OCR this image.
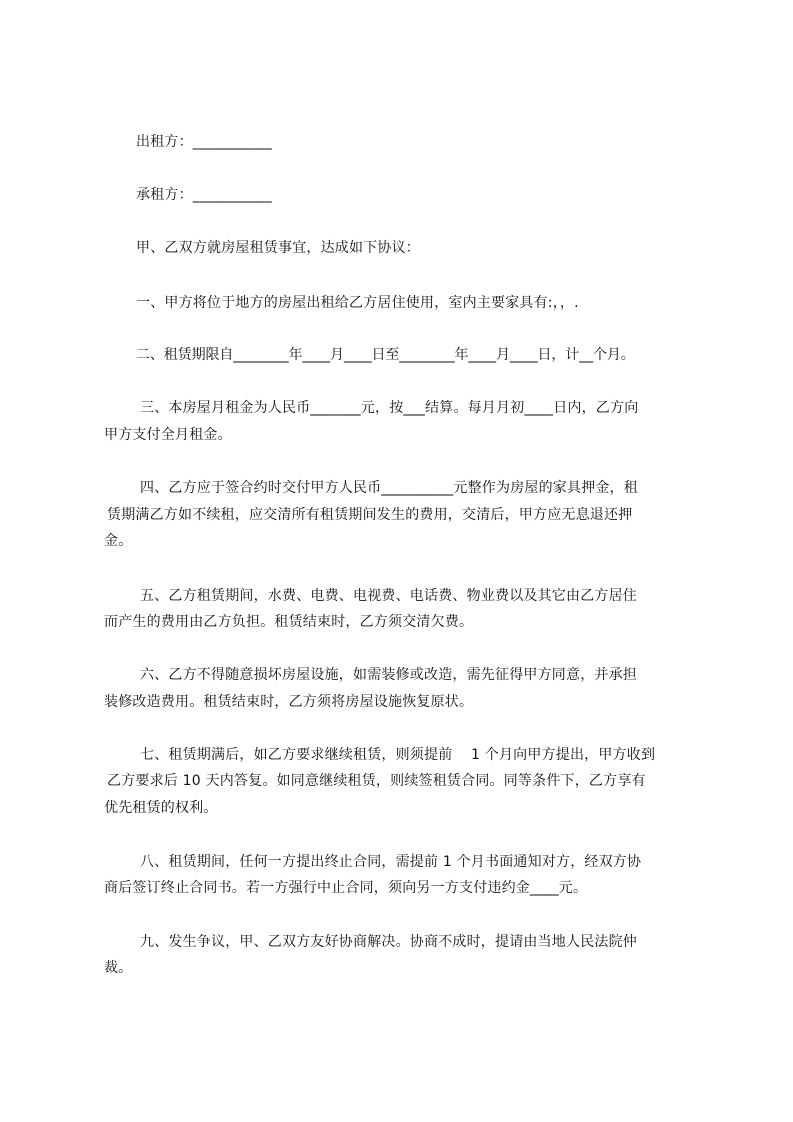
出租方：___________
承租方：___________
甲、乙双方就房屋租赁事宜，达成如下协议：
一、甲方将位于地方的房屋出租给乙方居住使用，室内主要家具有:，，.
二、租赁期限自________年____月____日至________年____月____日，计__个月。
三、本房屋月租金为人民币_______元，按___结算。每月月初____日内，乙方向
甲方支付全月租金。
四、乙方应于签合约时交付甲方人民币__________元整作为房屋的家具押金，租
赁期满乙方如不续租，应交清所有租赁期间发生的费用，交清后，甲方应无息退还押
金。
五、乙方租赁期间，水费、电费、电视费、电话费、物业费以及其它由乙方居住
而产生的费用由乙方负担。租赁结束时，乙方须交清欠费。
六、乙方不得随意损坏房屋设施，如需装修或改造，需先征得甲方同意，并承担
装修改造费用。租赁结束时，乙方须将房屋设施恢复原状。
七、租赁期满后，如乙方要求继续租赁，则须提前    1 个月向甲方提出，甲方收到
乙方要求后 10 天内答复。如同意继续租赁，则续签租赁合同。同等条件下，乙方享有
优先租赁的权利。
八、租赁期间，任何一方提出终止合同，需提前 1 个月书面通知对方，经双方协
商后签订终止合同书。若一方强行中止合同，须向另一方支付违约金____元。
九、发生争议，甲、乙双方友好协商解决。协商不成时，提请由当地人民法院仲
裁。
